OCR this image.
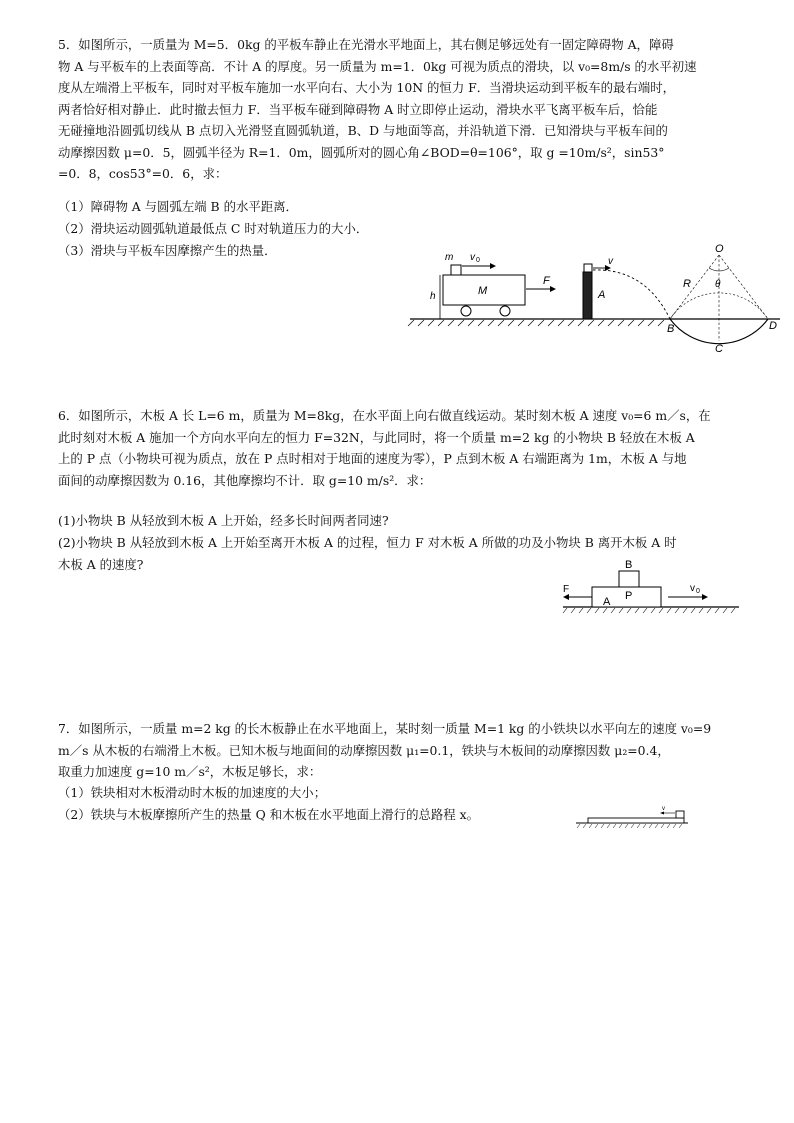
5．如图所示，一质量为 M=5．0kg 的平板车静止在光滑水平地面上，其右侧足够远处有一固定障碍物 A，障碍
物 A 与平板车的上表面等高．不计 A 的厚度。另一质量为 m=1．0kg 可视为质点的滑块，以 v₀=8m/s 的水平初速
度从左端滑上平板车，同时对平板车施加一水平向右、大小为 10N 的恒力 F．当滑块运动到平板车的最右端时，
两者恰好相对静止．此时撤去恒力 F．当平板车碰到障碍物 A 时立即停止运动，滑块水平飞离平板车后，恰能
无碰撞地沿圆弧切线从 B 点切入光滑竖直圆弧轨道，B、D 与地面等高，并沿轨道下滑．已知滑块与平板车间的
动摩擦因数 μ=0．5，圆弧半径为 R=1．0m，圆弧所对的圆心角∠BOD=θ=106°，取 g =10m/s²，sin53°
=0．8，cos53°=0．6，求：
（1）障碍物 A 与圆弧左端 B 的水平距离．
（2）滑块运动圆弧轨道最低点 C 时对轨道压力的大小．
（3）滑块与平板车因摩擦产生的热量．
h	M
m v 0
F
A
v
O
R θ
B
C
D
6．如图所示，木板 A 长 L=6 m，质量为 M=8kg，在水平面上向右做直线运动。某时刻木板 A 速度 v₀=6 m／s，在
此时刻对木板 A 施加一个方向水平向左的恒力 F=32N，与此同时，将一个质量 m=2 kg 的小物块 B 轻放在木板 A
上的 P 点（小物块可视为质点，放在 P 点时相对于地面的速度为零），P 点到木板 A 右端距离为 1m，木板 A 与地
面间的动摩擦因数为 0.16，其他摩擦均不计．取 g=10 m/s²．求：
(1)小物块 B 从轻放到木板 A 上开始，经多长时间两者同速?
(2)小物块 B 从轻放到木板 A 上开始至离开木板 A 的过程，恒力 F 对木板 A 所做的功及小物块 B 离开木板 A 时
木板 A 的速度?	B
P
A
F	v 0
7．如图所示，一质量 m=2 kg 的长木板静止在水平地面上，某时刻一质量 M=1 kg 的小铁块以水平向左的速度 v₀=9
m／s 从木板的右端滑上木板。已知木板与地面间的动摩擦因数 μ₁=0.1，铁块与木板间的动摩擦因数 μ₂=0.4，
取重力加速度 g=10 m／s²，木板足够长，求：
（1）铁块相对木板滑动时木板的加速度的大小；
（2）铁块与木板摩擦所产生的热量 Q 和木板在水平地面上滑行的总路程 x。	v
